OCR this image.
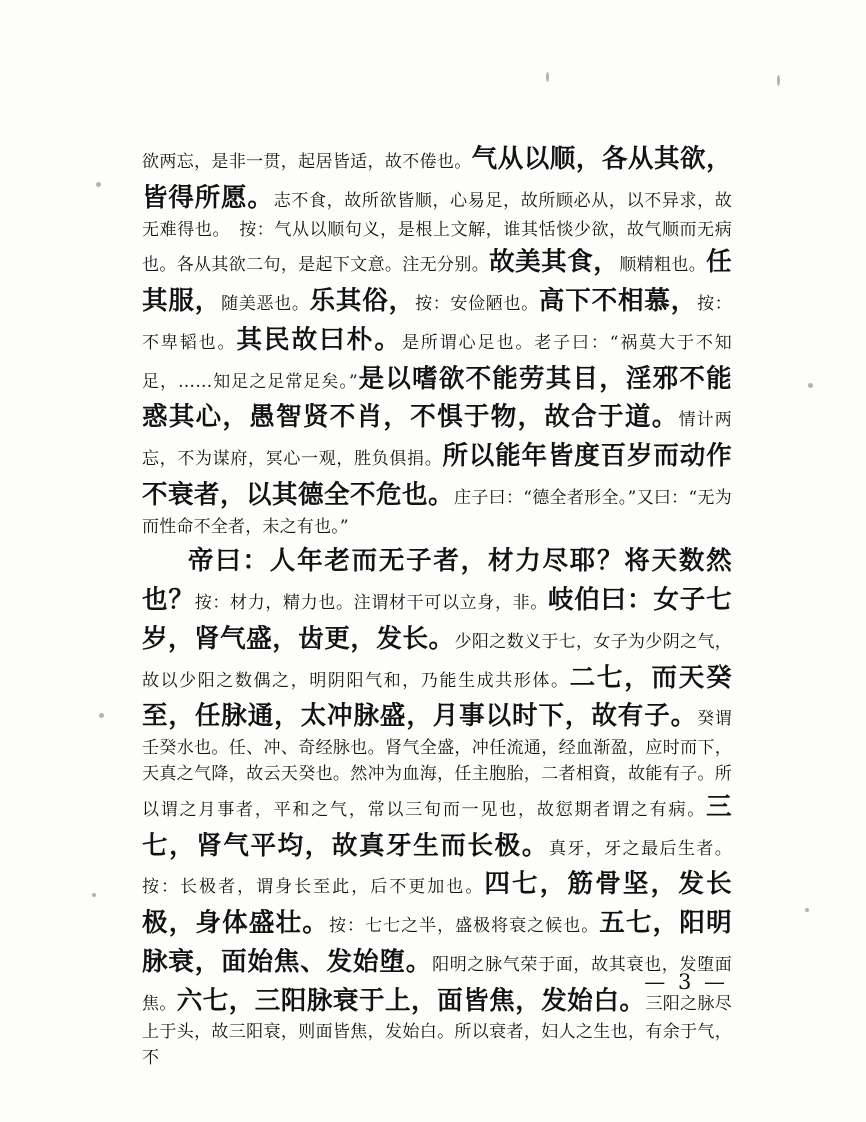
欲两忘，是非一贯，起居皆适，故不倦也。气从以顺，各从其欲，皆得所愿。志不食，故所欲皆顺，心易足，故所顾必从，以不异求，故无难得也。　按：气从以顺句义，是根上文解，谁其恬惔少欲，故气顺而无病也。各从其欲二句，是起下文意。注无分别。故美其食，顺精粗也。任其服，随美恶也。乐其俗，按：安俭陋也。高下不相慕，按：不卑韬也。其民故曰朴。是所谓心足也。老子曰：“祸莫大于不知足，……知足之足常足矣。”是以嗜欲不能劳其目，淫邪不能惑其心，愚智贤不肖，不惧于物，故合于道。情计两忘，不为谋府，冥心一观，胜负俱捐。所以能年皆度百岁而动作不衰者，以其德全不危也。庄子曰：“德全者形全。”又曰：“无为而性命不全者，未之有也。”

帝曰：人年老而无子者，材力尽耶？将天数然也？按：材力，精力也。注谓材干可以立身，非。岐伯曰：女子七岁，肾气盛，齿更，发长。少阳之数义于七，女子为少阴之气，故以少阳之数偶之，明阴阳气和，乃能生成共形体。二七，而天癸至，任脉通，太冲脉盛，月事以时下，故有子。癸谓壬癸水也。任、冲、奇经脉也。肾气全盛，冲任流通，经血渐盈，应时而下，天真之气降，故云天癸也。然冲为血海，任主胞胎，二者相資，故能有子。所以谓之月事者，平和之气，常以三旬而一见也，故愆期者谓之有病。三七，肾气平均，故真牙生而长极。真牙，牙之最后生者。按：长极者，谓身长至此，后不更加也。四七，筋骨坚，发长极，身体盛壮。按：七七之半，盛极将衰之候也。五七，阳明脉衰，面始焦、发始堕。阳明之脉气荣于面，故其衰也，发堕面焦。六七，三阳脉衰于上，面皆焦，发始白。三阳之脉尽上于头，故三阳衰，则面皆焦，发始白。所以衰者，妇人之生也，有余于气，不

— 3 —
